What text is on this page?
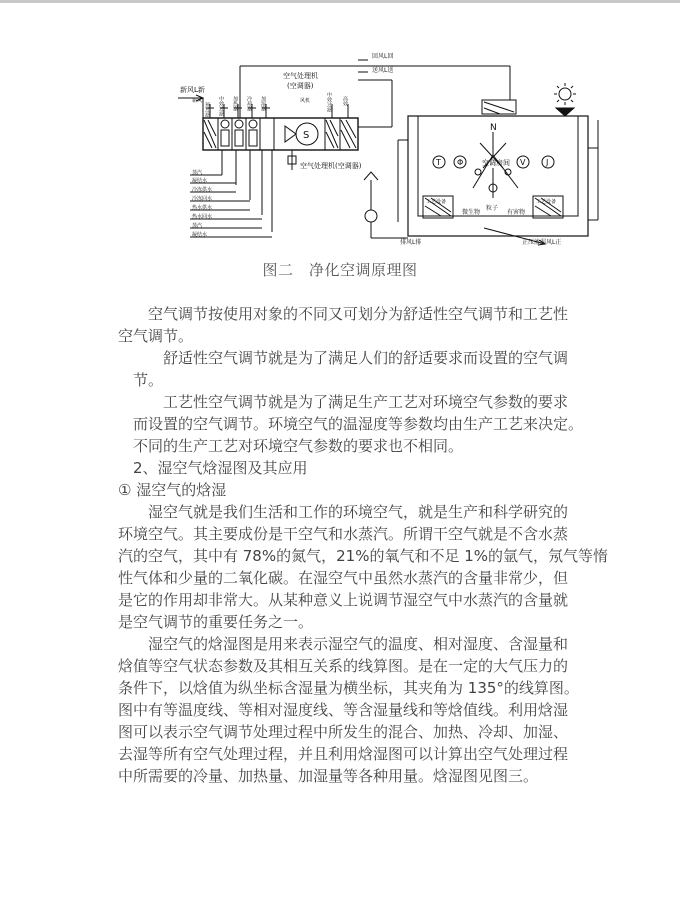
空气处理机
(空调器)
空气处理机(空调器)
新风L新
回风L回
送风L送
排风L排	正压渗漏风L正
空调房间
工艺设备	工艺设备
微生物	有害物
粒子
N
T Φ	V	J
S
新风
预过滤 中效过滤 加热器 冷却器 加湿器	风机	中效过滤 高效
蒸汽
凝结水
冷冻供水
冷冻回水
热水供水
热水回水
蒸汽
凝结水
图二　净化空调原理图
　　空气调节按使用对象的不同又可划分为舒适性空气调节和工艺性
空气调节。
　　舒适性空气调节就是为了满足人们的舒适要求而设置的空气调
节。
　　工艺性空气调节就是为了满足生产工艺对环境空气参数的要求
而设置的空气调节。环境空气的温湿度等参数均由生产工艺来决定。
不同的生产工艺对环境空气参数的要求也不相同。
2、湿空气焓湿图及其应用
① 湿空气的焓湿
　　湿空气就是我们生活和工作的环境空气，就是生产和科学研究的
环境空气。其主要成份是干空气和水蒸汽。所谓干空气就是不含水蒸
汽的空气，其中有 78%的氮气，21%的氧气和不足 1%的氩气，氖气等惰
性气体和少量的二氧化碳。在湿空气中虽然水蒸汽的含量非常少，但
是它的作用却非常大。从某种意义上说调节湿空气中水蒸汽的含量就
是空气调节的重要任务之一。
　　湿空气的焓湿图是用来表示湿空气的温度、相对湿度、含湿量和
焓值等空气状态参数及其相互关系的线算图。是在一定的大气压力的
条件下，以焓值为纵坐标含湿量为横坐标，其夹角为 135°的线算图。
图中有等温度线、等相对湿度线、等含湿量线和等焓值线。利用焓湿
图可以表示空气调节处理过程中所发生的混合、加热、冷却、加湿、
去湿等所有空气处理过程，并且利用焓湿图可以计算出空气处理过程
中所需要的冷量、加热量、加湿量等各种用量。焓湿图见图三。
